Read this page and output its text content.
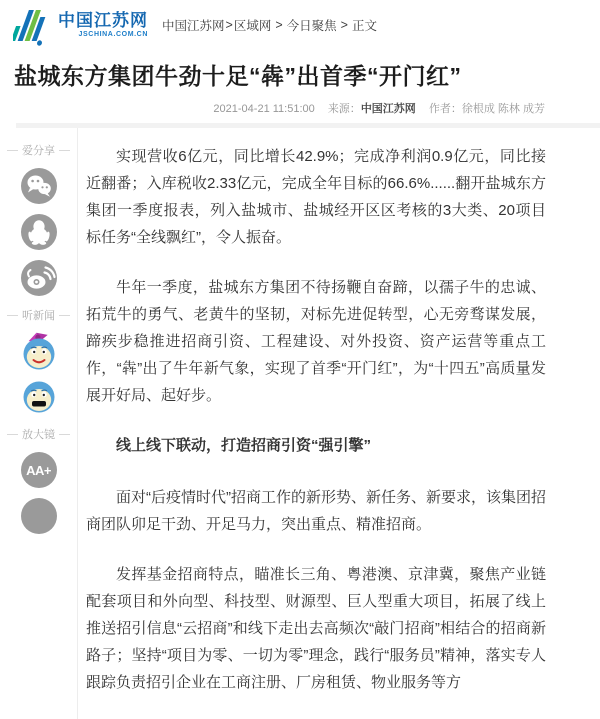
中国江苏网
JSCHINA.COM.CN
中国江苏网 > 区域网 > 今日聚焦 > 正文
盐城东方集团牛劲十足“犇”出首季“开门红”
2021-04-21 11:51:00 来源：中国江苏网 作者：徐根成 陈林 成芳
爱分享
听新闻
放大镜
AA+

实现营收6亿元，同比增长42.9%；完成净利润0.9亿元，同比接近翻番；入库税收2.33亿元，完成全年目标的66.6%......翻开盐城东方集团一季度报表，列入盐城市、盐城经开区区考核的3大类、20项目标任务“全线飘红”，令人振奋。

牛年一季度，盐城东方集团不待扬鞭自奋蹄，以孺子牛的忠诚、拓荒牛的勇气、老黄牛的坚韧，对标先进促转型，心无旁骛谋发展，蹄疾步稳推进招商引资、工程建设、对外投资、资产运营等重点工作，“犇”出了牛年新气象，实现了首季“开门红”，为“十四五”高质量发展开好局、起好步。

线上线下联动，打造招商引资“强引擎”

面对“后疫情时代”招商工作的新形势、新任务、新要求，该集团招商团队卯足干劲、开足马力，突出重点、精准招商。

发挥基金招商特点，瞄准长三角、粤港澳、京津冀，聚焦产业链配套项目和外向型、科技型、财源型、巨人型重大项目，拓展了线上推送招引信息“云招商”和线下走出去高频次“敲门招商”相结合的招商新路子；坚持“项目为零、一切为零”理念，践行“服务员”精神，落实专人跟踪负责招引企业在工商注册、厂房租赁、物业服务等方
